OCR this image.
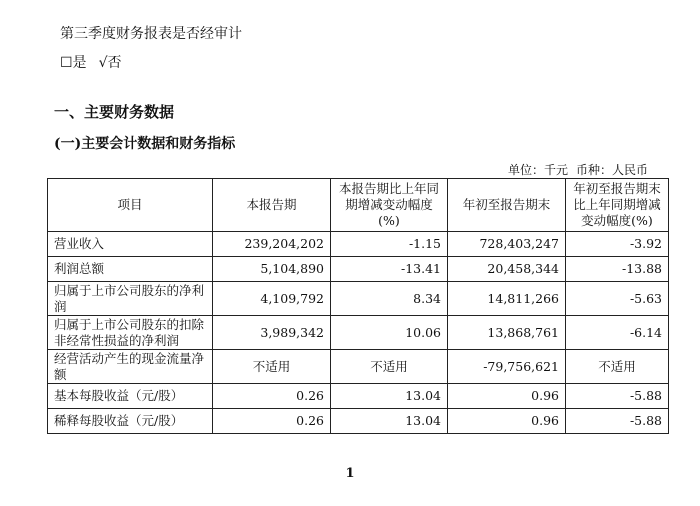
第三季度财务报表是否经审计
☐是 √否
一、主要财务数据
(一)主要会计数据和财务指标
单位：千元 币种：人民币
项目	本报告期	本报告期比上年同期增减变动幅度(%)	年初至报告期末	年初至报告期末比上年同期增减变动幅度(%)
营业收入	239,204,202	-1.15	728,403,247	-3.92
利润总额	5,104,890	-13.41	20,458,344	-13.88
归属于上市公司股东的净利润	4,109,792	8.34	14,811,266	-5.63
归属于上市公司股东的扣除非经常性损益的净利润	3,989,342	10.06	13,868,761	-6.14
经营活动产生的现金流量净额	不适用	不适用	-79,756,621	不适用
基本每股收益（元/股）	0.26	13.04	0.96	-5.88
稀释每股收益（元/股）	0.26	13.04	0.96	-5.88
1
